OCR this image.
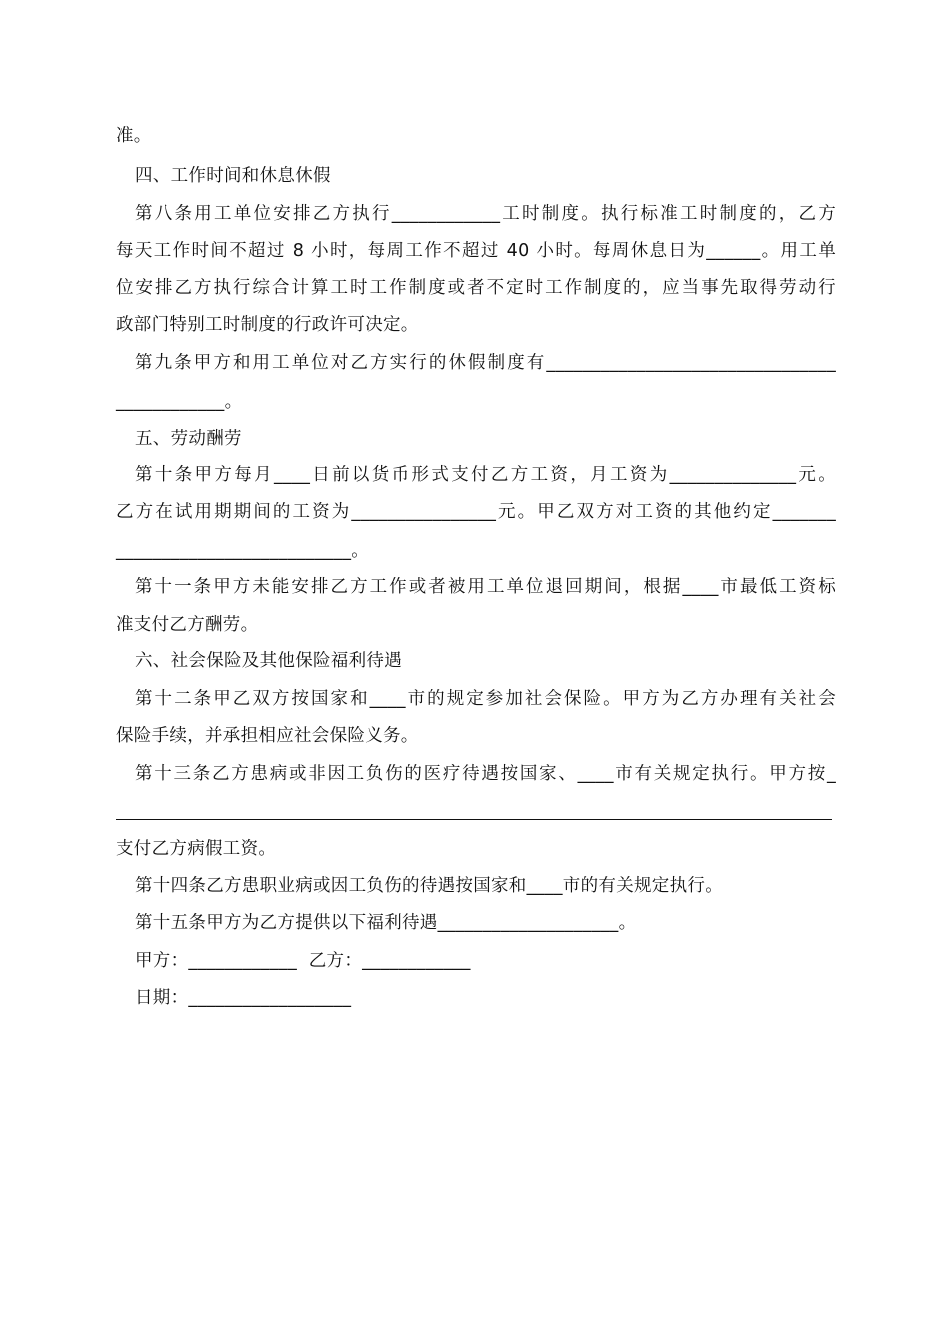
准。
四、工作时间和休息休假
第八条用工单位安排乙方执行____________工时制度。执行标准工时制度的，乙方
每天工作时间不超过 8 小时，每周工作不超过 40 小时。每周休息日为______。用工单
位安排乙方执行综合计算工时工作制度或者不定时工作制度的，应当事先取得劳动行
政部门特别工时制度的行政许可决定。
第九条甲方和用工单位对乙方实行的休假制度有________________________________
____________。
五、劳动酬劳
第十条甲方每月____日前以货币形式支付乙方工资，月工资为______________元。
乙方在试用期期间的工资为________________元。甲乙双方对工资的其他约定_______
__________________________。
第十一条甲方未能安排乙方工作或者被用工单位退回期间，根据____市最低工资标
准支付乙方酬劳。
六、社会保险及其他保险福利待遇
第十二条甲乙双方按国家和____市的规定参加社会保险。甲方为乙方办理有关社会
保险手续，并承担相应社会保险义务。
第十三条乙方患病或非因工负伤的医疗待遇按国家、____市有关规定执行。甲方按_
支付乙方病假工资。
第十四条乙方患职业病或因工负伤的待遇按国家和____市的有关规定执行。
第十五条甲方为乙方提供以下福利待遇____________________。
甲方：____________  乙方：____________
日期：__________________
